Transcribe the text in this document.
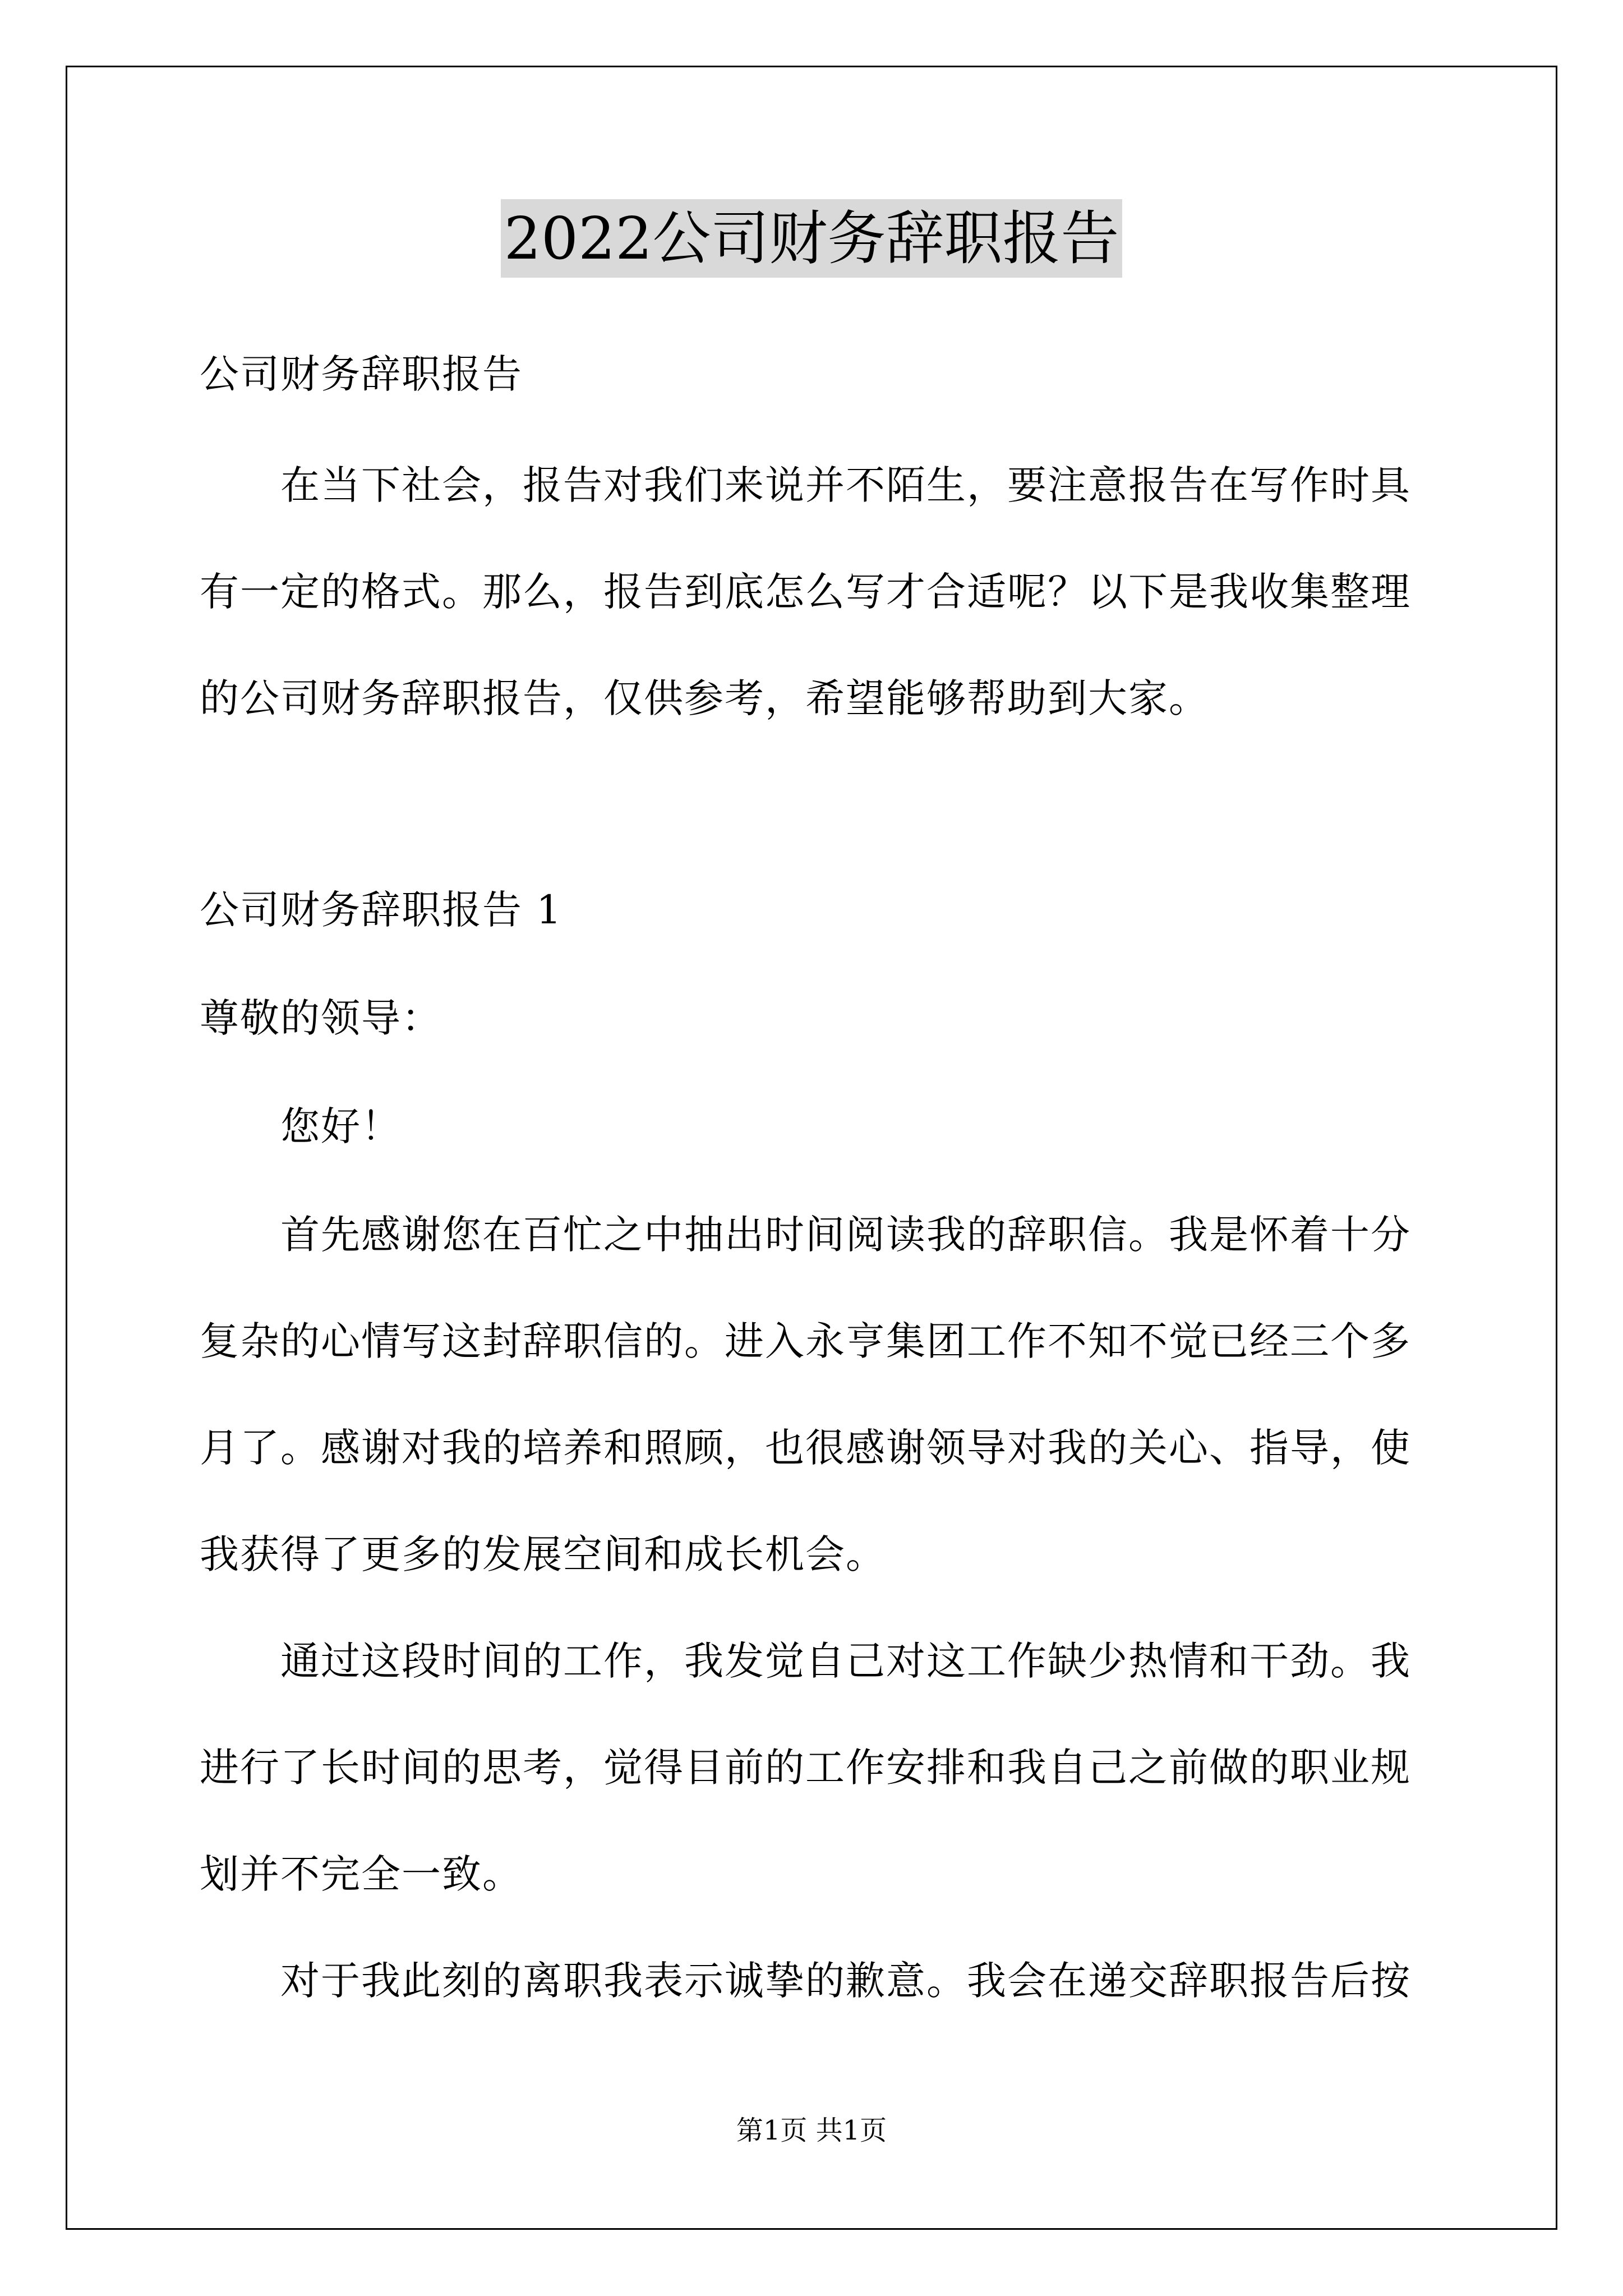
2022公司财务辞职报告
公司财务辞职报告
在当下社会，报告对我们来说并不陌生，要注意报告在写作时具
有一定的格式。那么，报告到底怎么写才合适呢？以下是我收集整理
的公司财务辞职报告，仅供参考，希望能够帮助到大家。
公司财务辞职报告 1
尊敬的领导：
您好！
首先感谢您在百忙之中抽出时间阅读我的辞职信。我是怀着十分
复杂的心情写这封辞职信的。进入永亨集团工作不知不觉已经三个多
月了。感谢对我的培养和照顾，也很感谢领导对我的关心、指导，使
我获得了更多的发展空间和成长机会。
通过这段时间的工作，我发觉自己对这工作缺少热情和干劲。我
进行了长时间的思考，觉得目前的工作安排和我自己之前做的职业规
划并不完全一致。
对于我此刻的离职我表示诚挚的歉意。我会在递交辞职报告后按
第1页 共1页
